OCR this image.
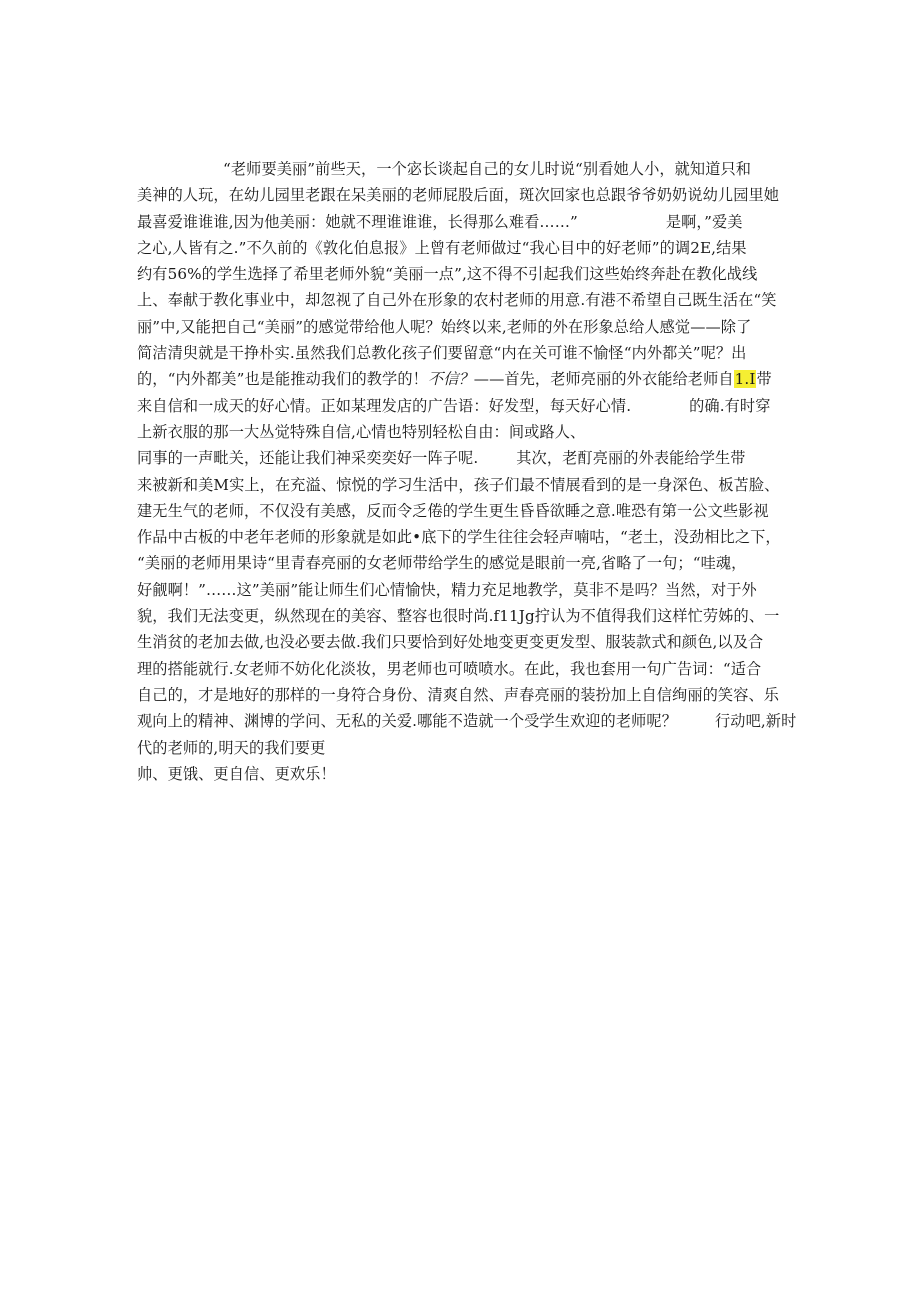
“老师要美丽”前些天，一个宓长谈起自己的女儿时说“别看她人小，就知道只和
美神的人玩，在幼儿园里老跟在呆美丽的老师屁股后面，斑次回家也总跟爷爷奶奶说幼儿园里她
最喜爱谁谁谁,因为他美丽：她就不理谁谁谁，长得那么难看……”	是啊，”爱美
之心,人皆有之.”不久前的《敦化伯息报》上曾有老师做过“我心目中的好老师”的调2E,结果
约有56%的学生选择了希里老师外貌“美丽一点”,这不得不引起我们这些始终奔赴在教化战线
上、奉献于教化事业中，却忽视了自己外在形象的农村老师的用意.有港不希望自己既生活在“笑
丽”中,又能把自己“美丽”的感觉带给他人呢？始终以来,老师的外在形象总给人感觉——除了
简洁清臾就是干挣朴实.虽然我们总教化孩子们要留意“内在关可谁不愉怪“内外都关”呢？出
的，“内外都美”也是能推动我们的教学的！不信？——首先，老师亮丽的外衣能给老师自1.I带
来自信和一成天的好心情。正如某理发店的广告语：好发型，每天好心情.	的确.有时穿
上新衣服的那一大丛觉特殊自信,心情也特别轻松自由：间或路人、
同事的一声毗关，还能让我们神采奕奕好一阵子呢.	其次，老酊亮丽的外表能给学生带
来被新和美M实上，在充溢、惊悦的学习生活中，孩子们最不情展看到的是一身深色、板苫脸、
建无生气的老师，不仅没有美感，反而令乏倦的学生更生昏昏欲睡之意.唯恐有第一公文些影视
作品中古板的中老年老师的形象就是如此•底下的学生往往会轻声喃咕，“老土，没劲相比之下，
“美丽的老师用果诗“里青春亮丽的女老师带给学生的感觉是眼前一亮,省略了一句；“哇魂，
好觎啊！”……这”美丽”能让师生们心情愉快，精力充足地教学，莫非不是吗？当然，对于外
貌，我们无法变更，纵然现在的美容、整容也很时尚.f11Jg拧认为不值得我们这样忙劳姊的、一
生消贫的老加去做,也没必要去做.我们只要恰到好处地变更变更发型、服装款式和颜色,以及合
理的搭能就行.女老师不妨化化淡妆，男老师也可喷喷水。在此，我也套用一句广告词：“适合
自己的，才是地好的那样的一身符合身份、清爽自然、声春亮丽的装扮加上自信绚丽的笑容、乐
观向上的精神、渊博的学问、无私的关爱.哪能不造就一个受学生欢迎的老师呢？	行动吧,新时
代的老师的,明天的我们要更
帅、更饿、更自信、更欢乐！
